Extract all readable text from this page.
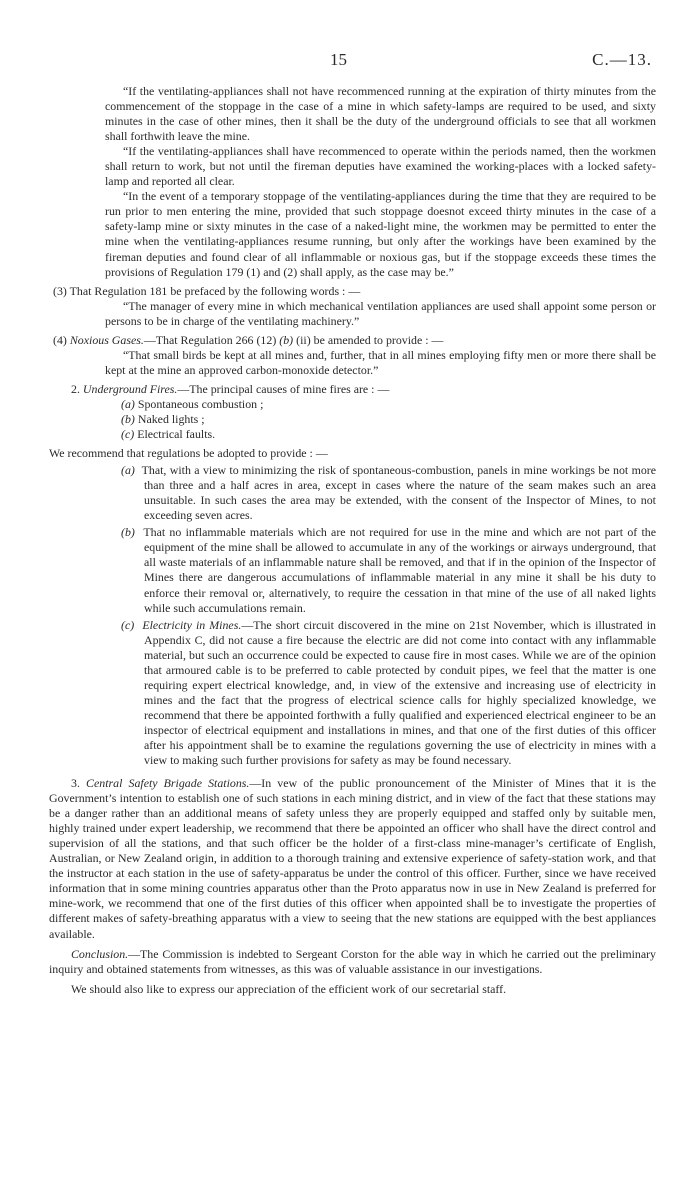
15	C.—13.

“If the ventilating-appliances shall not have recommenced running at the expiration of thirty minutes from the commencement of the stoppage in the case of a mine in which safety-lamps are required to be used, and sixty minutes in the case of other mines, then it shall be the duty of the underground officials to see that all workmen shall forthwith leave the mine.

“If the ventilating-appliances shall have recommenced to operate within the periods named, then the workmen shall return to work, but not until the fireman deputies have examined the working-places with a locked safety-lamp and reported all clear.

“In the event of a temporary stoppage of the ventilating-appliances during the time that they are required to be run prior to men entering the mine, provided that such stoppage doesnot exceed thirty minutes in the case of a safety-lamp mine or sixty minutes in the case of a naked-light mine, the workmen may be permitted to enter the mine when the ventilating-appliances resume running, but only after the workings have been examined by the fireman deputies and found clear of all inflammable or noxious gas, but if the stoppage exceeds these times the provisions of Regulation 179 (1) and (2) shall apply, as the case may be.”

(3) That Regulation 181 be prefaced by the following words : —

“The manager of every mine in which mechanical ventilation appliances are used shall appoint some person or persons to be in charge of the ventilating machinery.”

(4) Noxious Gases.—That Regulation 266 (12) (b) (ii) be amended to provide : —

“That small birds be kept at all mines and, further, that in all mines employing fifty men or more there shall be kept at the mine an approved carbon-monoxide detector.”

2. Underground Fires.—The principal causes of mine fires are : —

(a) Spontaneous combustion ;

(b) Naked lights ;

(c) Electrical faults.

We recommend that regulations be adopted to provide : —

(a) That, with a view to minimizing the risk of spontaneous-combustion, panels in mine workings be not more than three and a half acres in area, except in cases where the nature of the seam makes such an area unsuitable. In such cases the area may be extended, with the consent of the Inspector of Mines, to not exceeding seven acres.

(b) That no inflammable materials which are not required for use in the mine and which are not part of the equipment of the mine shall be allowed to accumulate in any of the workings or airways underground, that all waste materials of an inflammable nature shall be removed, and that if in the opinion of the Inspector of Mines there are dangerous accumulations of inflammable material in any mine it shall be his duty to enforce their removal or, alternatively, to require the cessation in that mine of the use of all naked lights while such accumulations remain.

(c) Electricity in Mines.—The short circuit discovered in the mine on 21st November, which is illustrated in Appendix C, did not cause a fire because the electric are did not come into contact with any inflammable material, but such an occurrence could be expected to cause fire in most cases. While we are of the opinion that armoured cable is to be preferred to cable protected by conduit pipes, we feel that the matter is one requiring expert electrical knowledge, and, in view of the extensive and increasing use of electricity in mines and the fact that the progress of electrical science calls for highly specialized knowledge, we recommend that there be appointed forthwith a fully qualified and experienced electrical engineer to be an inspector of electrical equipment and installations in mines, and that one of the first duties of this officer after his appointment shall be to examine the regulations governing the use of electricity in mines with a view to making such further provisions for safety as may be found necessary.

3. Central Safety Brigade Stations.—In vew of the public pronouncement of the Minister of Mines that it is the Government’s intention to establish one of such stations in each mining district, and in view of the fact that these stations may be a danger rather than an additional means of safety unless they are properly equipped and staffed only by suitable men, highly trained under expert leadership, we recommend that there be appointed an officer who shall have the direct control and supervision of all the stations, and that such officer be the holder of a first-class mine-manager’s certificate of English, Australian, or New Zealand origin, in addition to a thorough training and extensive experience of safety-station work, and that the instructor at each station in the use of safety-apparatus be under the control of this officer. Further, since we have received information that in some mining countries apparatus other than the Proto apparatus now in use in New Zealand is preferred for mine-work, we recommend that one of the first duties of this officer when appointed shall be to investigate the properties of different makes of safety-breathing apparatus with a view to seeing that the new stations are equipped with the best appliances available.

Conclusion.—The Commission is indebted to Sergeant Corston for the able way in which he carried out the preliminary inquiry and obtained statements from witnesses, as this was of valuable assistance in our investigations.

We should also like to express our appreciation of the efficient work of our secretarial staff.
